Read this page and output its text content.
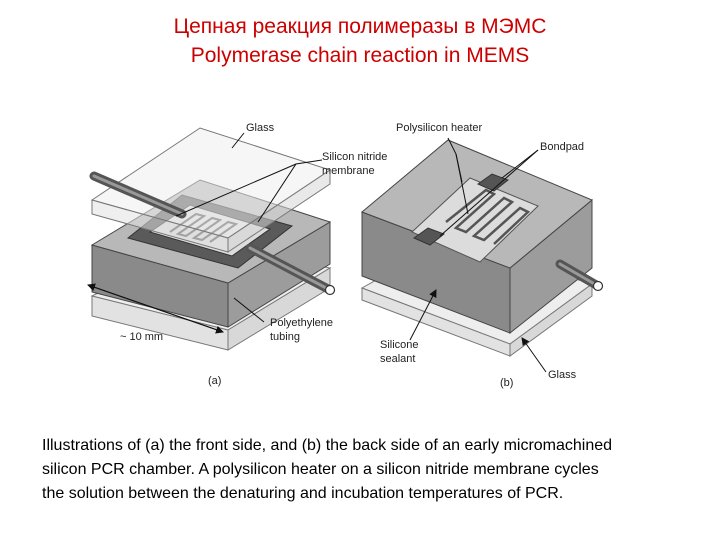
Цепная реакция полимеразы в МЭМС
Polymerase chain reaction in MEMS
Glass
Silicon nitride
membrane
~ 10 mm
Polyethylene
tubing
(a)
Polysilicon heater
Bondpad
Silicone
sealant
Glass
(b)
Illustrations of (a) the front side, and (b) the back side of an early micromachined
silicon PCR chamber. A polysilicon heater on a silicon nitride membrane cycles
the solution between the denaturing and incubation temperatures of PCR.
